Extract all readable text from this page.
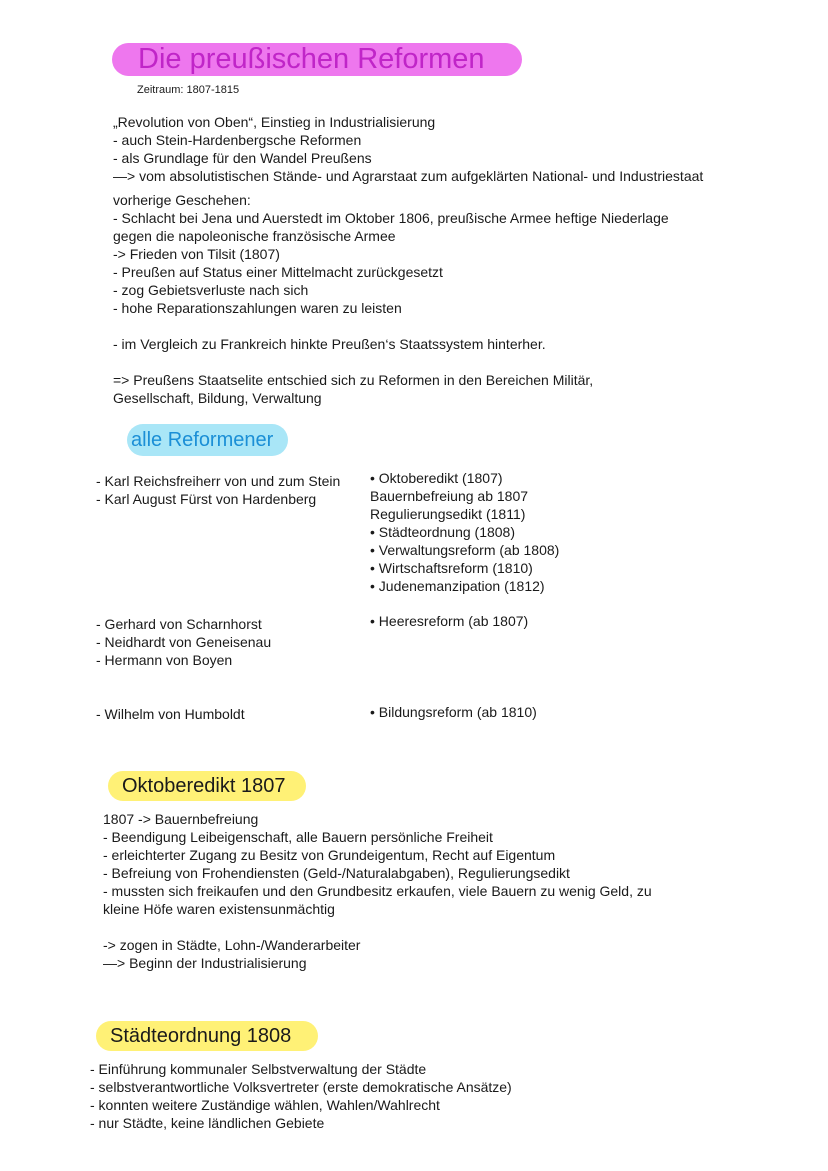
Die preußischen Reformen
Zeitraum: 1807-1815
„Revolution von Oben“, Einstieg in Industrialisierung
- auch Stein-Hardenbergsche Reformen
- als Grundlage für den Wandel Preußens
—> vom absolutistischen Stände- und Agrarstaat zum aufgeklärten National- und Industriestaat
vorherige Geschehen:
- Schlacht bei Jena und Auerstedt im Oktober 1806, preußische Armee heftige Niederlage
gegen die napoleonische französische Armee
-> Frieden von Tilsit (1807)
- Preußen auf Status einer Mittelmacht zurückgesetzt
- zog Gebietsverluste nach sich
- hohe Reparationszahlungen waren zu leisten
- im Vergleich zu Frankreich hinkte Preußen‘s Staatssystem hinterher.
=> Preußens Staatselite entschied sich zu Reformen in den Bereichen Militär,
Gesellschaft, Bildung, Verwaltung
alle Reformener
- Karl Reichsfreiherr von und zum Stein
- Karl August Fürst von Hardenberg
• Oktoberedikt (1807)
Bauernbefreiung ab 1807
Regulierungsedikt (1811)
• Städteordnung (1808)
• Verwaltungsreform (ab 1808)
• Wirtschaftsreform (1810)
• Judenemanzipation (1812)
- Gerhard von Scharnhorst
- Neidhardt von Geneisenau
- Hermann von Boyen
• Heeresreform (ab 1807)
- Wilhelm von Humboldt	• Bildungsreform (ab 1810)
Oktoberedikt 1807
1807 -> Bauernbefreiung
- Beendigung Leibeigenschaft, alle Bauern persönliche Freiheit
- erleichterter Zugang zu Besitz von Grundeigentum, Recht auf Eigentum
- Befreiung von Frohendiensten (Geld-/Naturalabgaben), Regulierungsedikt
- mussten sich freikaufen und den Grundbesitz erkaufen, viele Bauern zu wenig Geld, zu
kleine Höfe waren existensunmächtig
-> zogen in Städte, Lohn-/Wanderarbeiter
—> Beginn der Industrialisierung
Städteordnung 1808
- Einführung kommunaler Selbstverwaltung der Städte
- selbstverantwortliche Volksvertreter (erste demokratische Ansätze)
- konnten weitere Zuständige wählen, Wahlen/Wahlrecht
- nur Städte, keine ländlichen Gebiete
